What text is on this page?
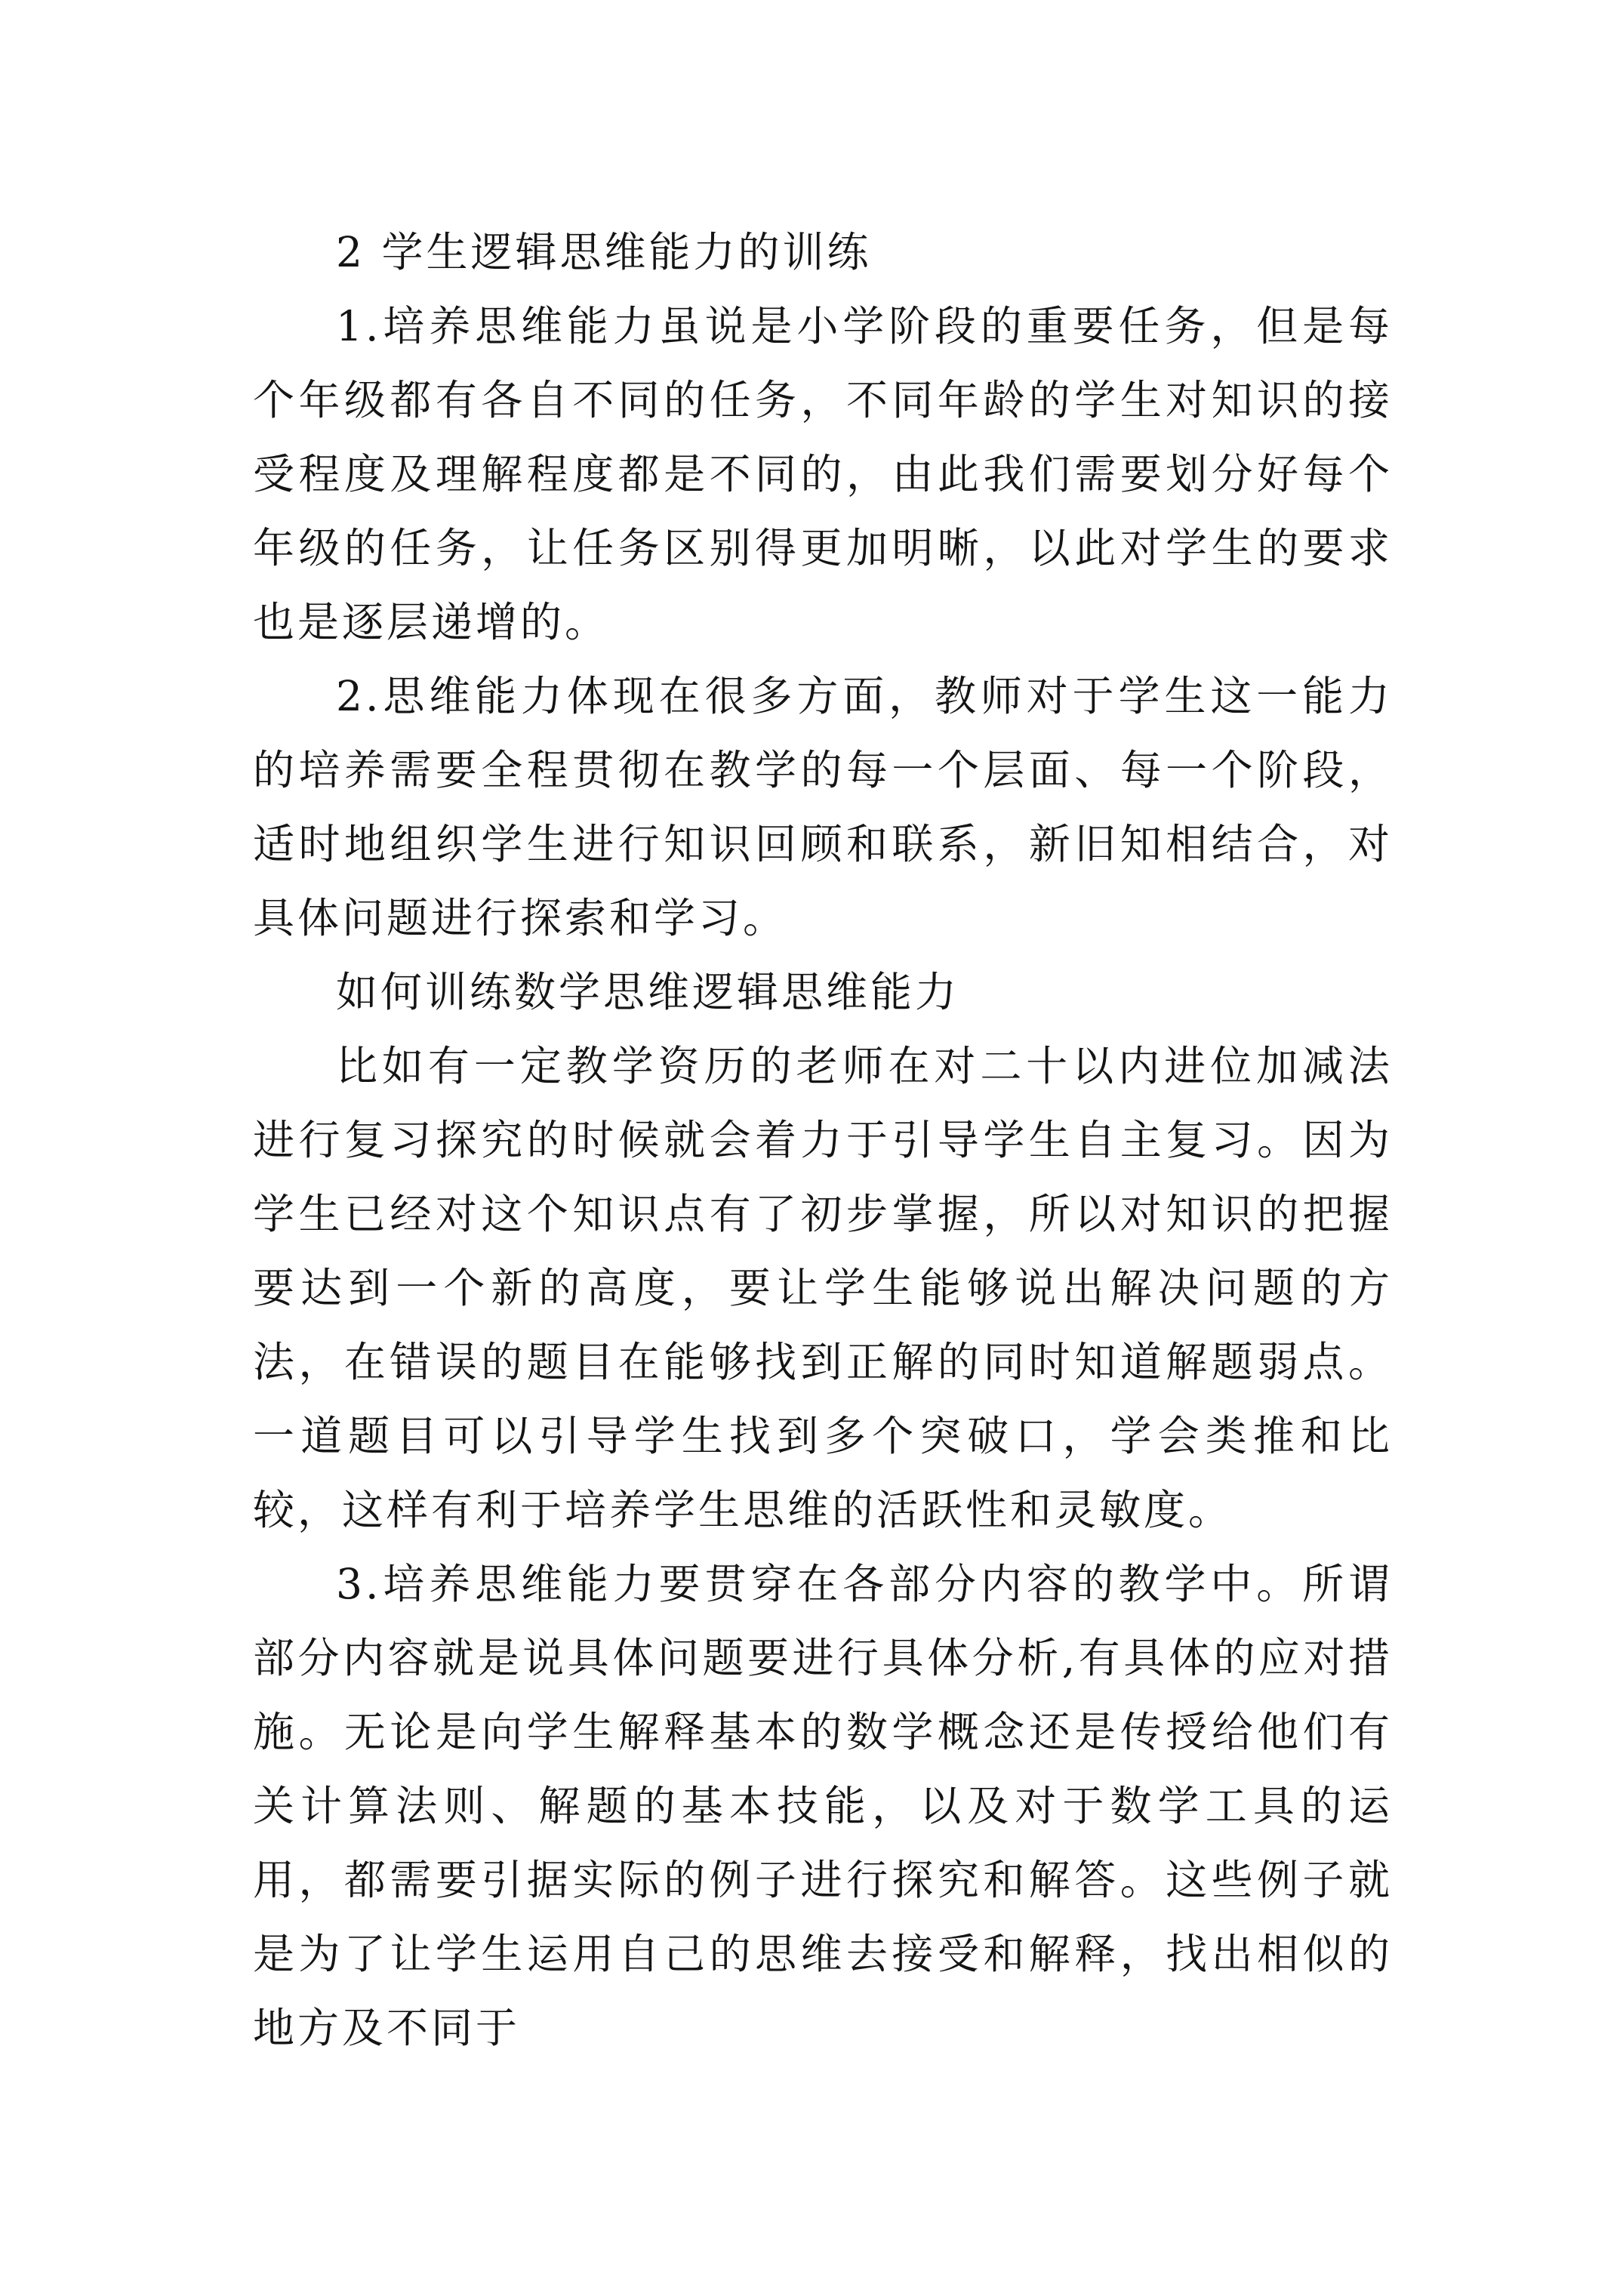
2 学生逻辑思维能力的训练

1.培养思维能力虽说是小学阶段的重要任务，但是每个年级都有各自不同的任务，不同年龄的学生对知识的接受程度及理解程度都是不同的，由此我们需要划分好每个年级的任务，让任务区别得更加明晰，以此对学生的要求也是逐层递增的。

2.思维能力体现在很多方面，教师对于学生这一能力的培养需要全程贯彻在教学的每一个层面、每一个阶段，适时地组织学生进行知识回顾和联系，新旧知相结合，对具体问题进行探索和学习。

如何训练数学思维逻辑思维能力

比如有一定教学资历的老师在对二十以内进位加减法进行复习探究的时候就会着力于引导学生自主复习。因为学生已经对这个知识点有了初步掌握，所以对知识的把握要达到一个新的高度，要让学生能够说出解决问题的方法，在错误的题目在能够找到正解的同时知道解题弱点。一道题目可以引导学生找到多个突破口，学会类推和比较，这样有利于培养学生思维的活跃性和灵敏度。

3.培养思维能力要贯穿在各部分内容的教学中。所谓部分内容就是说具体问题要进行具体分析,有具体的应对措施。无论是向学生解释基本的数学概念还是传授给他们有关计算法则、解题的基本技能，以及对于数学工具的运用，都需要引据实际的例子进行探究和解答。这些例子就是为了让学生运用自己的思维去接受和解释，找出相似的地方及不同于
